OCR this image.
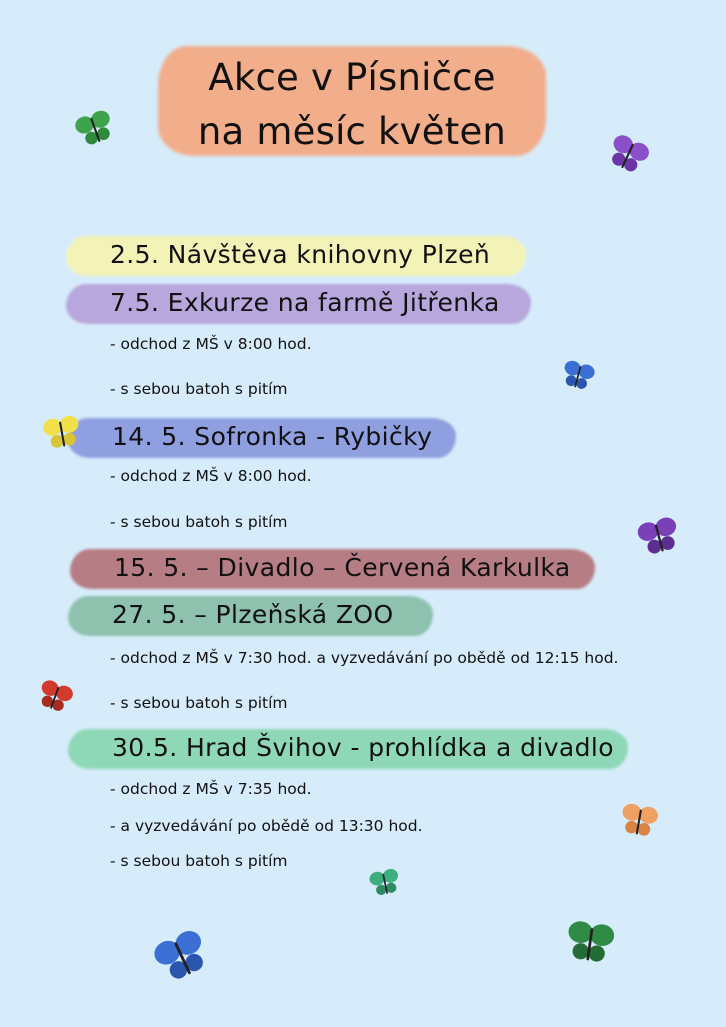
Akce v Písničce
na měsíc květen
2.5. Návštěva knihovny Plzeň
7.5. Exkurze na farmě Jitřenka
- odchod z MŠ v 8:00 hod.
- s sebou batoh s pitím
14. 5. Sofronka - Rybičky
- odchod z MŠ v 8:00 hod.
- s sebou batoh s pitím
15. 5. – Divadlo – Červená Karkulka
27. 5. – Plzeňská ZOO
- odchod z MŠ v 7:30 hod. a vyzvedávání po obědě od 12:15 hod.
- s sebou batoh s pitím
30.5. Hrad Švihov - prohlídka a divadlo
- odchod z MŠ v 7:35 hod.
- a vyzvedávání po obědě od 13:30 hod.
- s sebou batoh s pitím
